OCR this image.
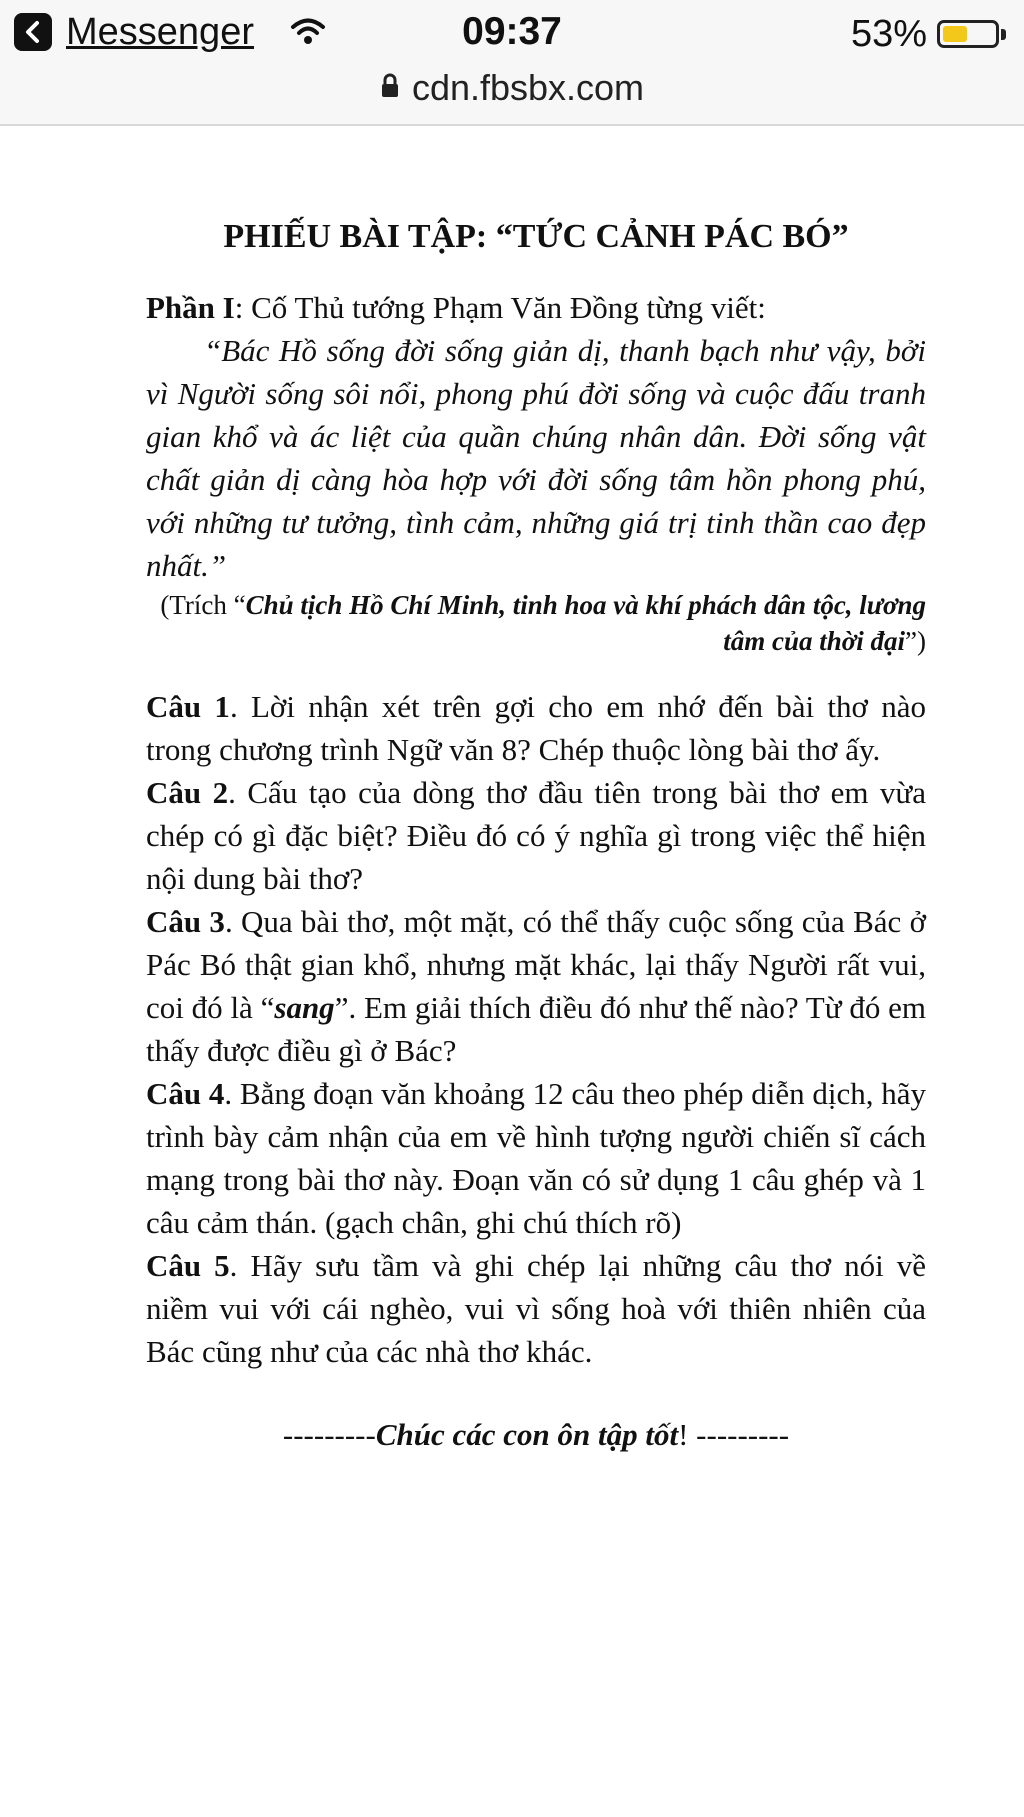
Messenger	09:37	53%
cdn.fbsbx.com
PHIẾU BÀI TẬP: “TỨC CẢNH PÁC BÓ”

Phần I: Cố Thủ tướng Phạm Văn Đồng từng viết:

“Bác Hồ sống đời sống giản dị, thanh bạch như vậy, bởi vì Người sống sôi nổi, phong phú đời sống và cuộc đấu tranh gian khổ và ác liệt của quần chúng nhân dân. Đời sống vật chất giản dị càng hòa hợp với đời sống tâm hồn phong phú, với những tư tưởng, tình cảm, những giá trị tinh thần cao đẹp nhất.”

(Trích “Chủ tịch Hồ Chí Minh, tinh hoa và khí phách dân tộc, lương tâm của thời đại”)

Câu 1. Lời nhận xét trên gợi cho em nhớ đến bài thơ nào trong chương trình Ngữ văn 8? Chép thuộc lòng bài thơ ấy.

Câu 2. Cấu tạo của dòng thơ đầu tiên trong bài thơ em vừa chép có gì đặc biệt? Điều đó có ý nghĩa gì trong việc thể hiện nội dung bài thơ?

Câu 3. Qua bài thơ, một mặt, có thể thấy cuộc sống của Bác ở Pác Bó thật gian khổ, nhưng mặt khác, lại thấy Người rất vui, coi đó là “sang”. Em giải thích điều đó như thế nào? Từ đó em thấy được điều gì ở Bác?

Câu 4. Bằng đoạn văn khoảng 12 câu theo phép diễn dịch, hãy trình bày cảm nhận của em về hình tượng người chiến sĩ cách mạng trong bài thơ này. Đoạn văn có sử dụng 1 câu ghép và 1 câu cảm thán. (gạch chân, ghi chú thích rõ)

Câu 5. Hãy sưu tầm và ghi chép lại những câu thơ nói về niềm vui với cái nghèo, vui vì sống hoà với thiên nhiên của Bác cũng như của các nhà thơ khác.

---------Chúc các con ôn tập tốt! ---------
